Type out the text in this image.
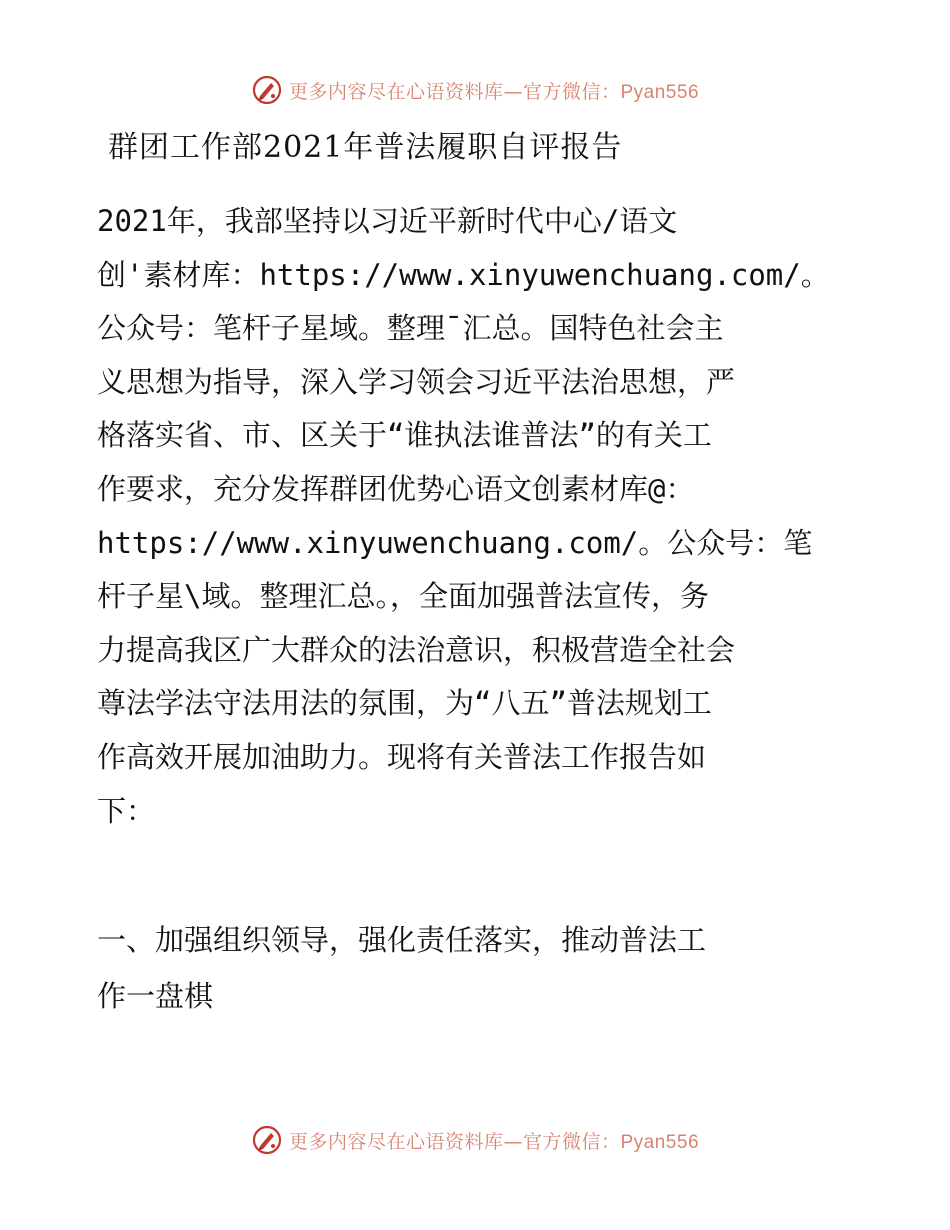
更多内容尽在心语资料库—官方微信：Pyan556
群团工作部2021年普法履职自评报告
2021年，我部坚持以习近平新时代中心/语文
创'素材库：https://www.xinyuwenchuang.com/。
公众号：笔杆子星域。整理¯汇总。国特色社会主
义思想为指导，深入学习领会习近平法治思想，严
格落实省、市、区关于“谁执法谁普法”的有关工
作要求，充分发挥群团优势心语文创素材库@：
https://www.xinyuwenchuang.com/。公众号：笔
杆子星\域。整理汇总。，全面加强普法宣传，务
力提高我区广大群众的法治意识，积极营造全社会
尊法学法守法用法的氛围，为“八五”普法规划工
作高效开展加油助力。现将有关普法工作报告如
下：
一、加强组织领导，强化责任落实，推动普法工
作一盘棋
更多内容尽在心语资料库—官方微信：Pyan556
